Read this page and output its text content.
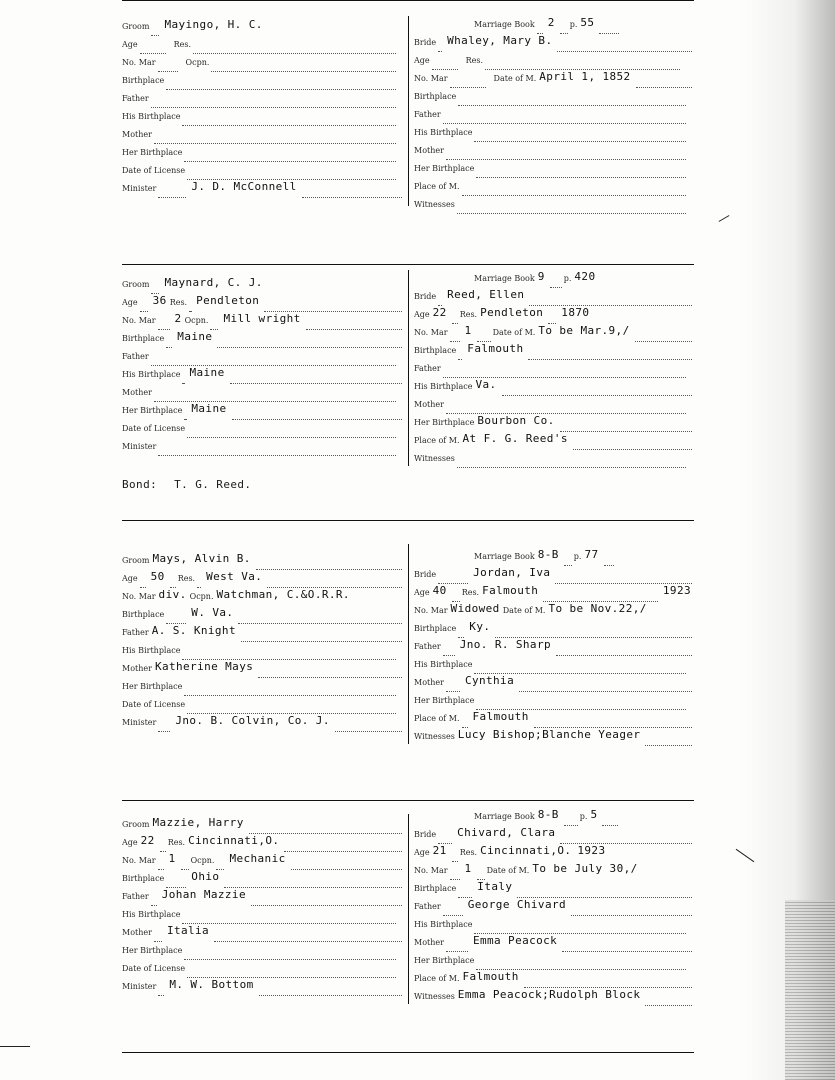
Groom Mayingo, H. C.
Age	Res.
No. Mar	Ocpn.
Birthplace
Father
His Birthplace
Mother
Her Birthplace
Date of License
Minister	J. D. McConnell
Marriage Book 2	p. 55
Bride Whaley, Mary B.
Age	Res.
No. Mar	Date of M. April 1, 1852
Birthplace
Father
His Birthplace
Mother
Her Birthplace
Place of M.
Witnesses
Groom Maynard, C. J.
Age 36 Res. Pendleton
No. Mar 2 Ocpn. Mill wright
Birthplace Maine
Father
His Birthplace Maine
Mother
Her Birthplace Maine
Date of License
Minister
Marriage Book 9	p. 420
Bride Reed, Ellen
Age 22	Res. Pendleton 1870
No. Mar 1	Date of M. To be Mar.9,/
Birthplace Falmouth
Father
His Birthplace Va.
Mother
Her Birthplace Bourbon Co.
Place of M. At F. G. Reed's
Witnesses
Bond: T. G. Reed.
Groom Mays, Alvin B.
Age 50	Res. West Va.
No. Mar div. Ocpn. Watchman, C.&O.R.R.
Birthplace W. Va.
Father A. S. Knight
His Birthplace
Mother Katherine Mays
Her Birthplace
Date of License
Minister Jno. B. Colvin, Co. J.
Marriage Book 8-B	p. 77
Bride	Jordan, Iva
Age 40	Res. Falmouth	1923
No. Mar Widowed Date of M. To be Nov.22,/
Birthplace Ky.
Father Jno. R. Sharp
His Birthplace
Mother Cynthia
Her Birthplace
Place of M. Falmouth
Witnesses Lucy Bishop;Blanche Yeager
Groom Mazzie, Harry
Age 22	Res. Cincinnati,O.
No. Mar 1	Ocpn. Mechanic
Birthplace Ohio
Father Johan Mazzie
His Birthplace
Mother Italia
Her Birthplace
Date of License
Minister M. W. Bottom
Marriage Book 8-B	p. 5
Bride Chivard, Clara
Age 21	Res. Cincinnati,O. 1923
No. Mar 1	Date of M. To be July 30,/
Birthplace Italy
Father George Chivard
His Birthplace
Mother	Emma Peacock
Her Birthplace
Place of M. Falmouth
Witnesses Emma Peacock;Rudolph Block
